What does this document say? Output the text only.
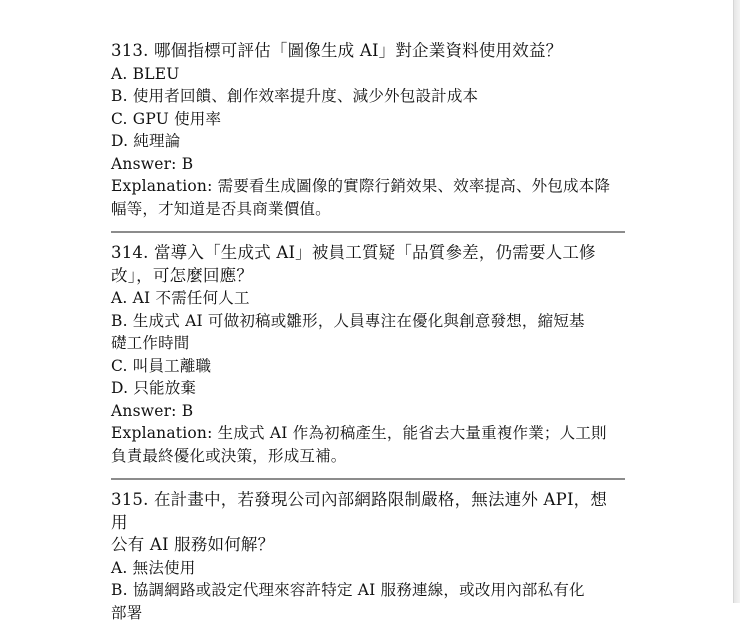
313. 哪個指標可評估「圖像生成 AI」對企業資料使用效益？

A. BLEU

B. 使用者回饋、創作效率提升度、減少外包設計成本

C. GPU 使用率

D. 純理論

Answer: B

Explanation: 需要看生成圖像的實際行銷效果、效率提高、外包成本降

幅等，才知道是否具商業價值。

314. 當導入「生成式 AI」被員工質疑「品質參差，仍需要人工修

改」，可怎麼回應？

A. AI 不需任何人工

B. 生成式 AI 可做初稿或雛形，人員專注在優化與創意發想，縮短基

礎工作時間

C. 叫員工離職

D. 只能放棄

Answer: B

Explanation: 生成式 AI 作為初稿產生，能省去大量重複作業；人工則

負責最終優化或決策，形成互補。

315. 在計畫中，若發現公司內部網路限制嚴格，無法連外 API，想用

公有 AI 服務如何解？

A. 無法使用

B. 協調網路或設定代理來容許特定 AI 服務連線，或改用內部私有化

部署
